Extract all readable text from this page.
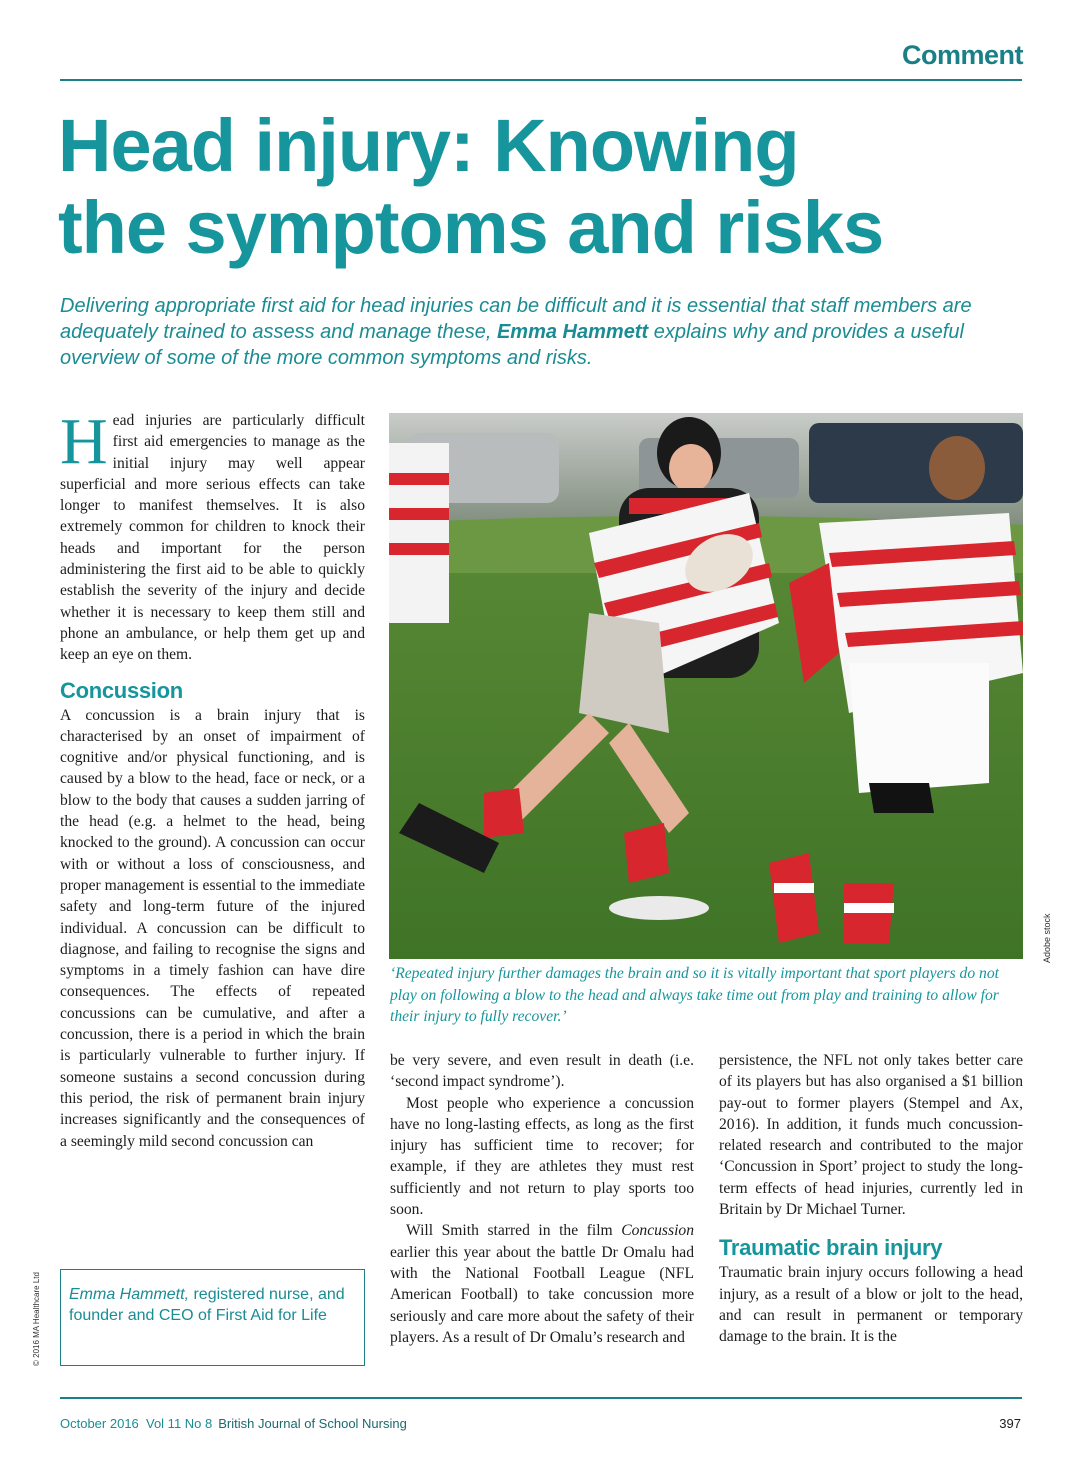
Comment
Head injury: Knowing
the symptoms and risks

Delivering appropriate first aid for head injuries can be difficult and it is essential that staff members are adequately trained to assess and manage these, Emma Hammett explains why and provides a useful overview of some of the more common symptoms and risks.

Head injuries are particularly difficult first aid emergencies to manage as the initial injury may well appear superficial and more serious effects can take longer to manifest themselves. It is also extremely common for children to knock their heads and important for the person administering the first aid to be able to quickly establish the severity of the injury and decide whether it is necessary to keep them still and phone an ambulance, or help them get up and keep an eye on them.

Concussion

A concussion is a brain injury that is characterised by an onset of impairment of cognitive and/or physical functioning, and is caused by a blow to the head, face or neck, or a blow to the body that causes a sudden jarring of the head (e.g. a helmet to the head, being knocked to the ground). A concussion can occur with or without a loss of consciousness, and proper management is essential to the immediate safety and long-term future of the injured individual. A concussion can be difficult to diagnose, and failing to recognise the signs and symptoms in a timely fashion can have dire consequences. The effects of repeated concussions can be cumulative, and after a concussion, there is a period in which the brain is particularly vulnerable to further injury. If someone sustains a second concussion during this period, the risk of permanent brain injury increases significantly and the consequences of a seemingly mild second concussion can

Adobe stock

‘Repeated injury further damages the brain and so it is vitally important that sport players do not play on following a blow to the head and always take time out from play and training to allow for their injury to fully recover.’

be very severe, and even result in death (i.e. ‘second impact syndrome’).

Most people who experience a concussion have no long-lasting effects, as long as the first injury has sufficient time to recover; for example, if they are athletes they must rest sufficiently and not return to play sports too soon.

Will Smith starred in the film Concussion earlier this year about the battle Dr Omalu had with the National Football League (NFL American Football) to take concussion more seriously and care more about the safety of their players. As a result of Dr Omalu’s research and

persistence, the NFL not only takes better care of its players but has also organised a $1 billion pay-out to former players (Stempel and Ax, 2016). In addition, it funds much concussion-related research and contributed to the major ‘Concussion in Sport’ project to study the long-term effects of head injuries, currently led in Britain by Dr Michael Turner.

Traumatic brain injury

Traumatic brain injury occurs following a head injury, as a result of a blow or jolt to the head, and can result in permanent or temporary damage to the brain. It is the

© 2016 MA Healthcare Ltd	Emma Hammett, registered nurse, and founder and CEO of First Aid for Life
October 2016  Vol 11 No 8 British Journal of School Nursing	397
